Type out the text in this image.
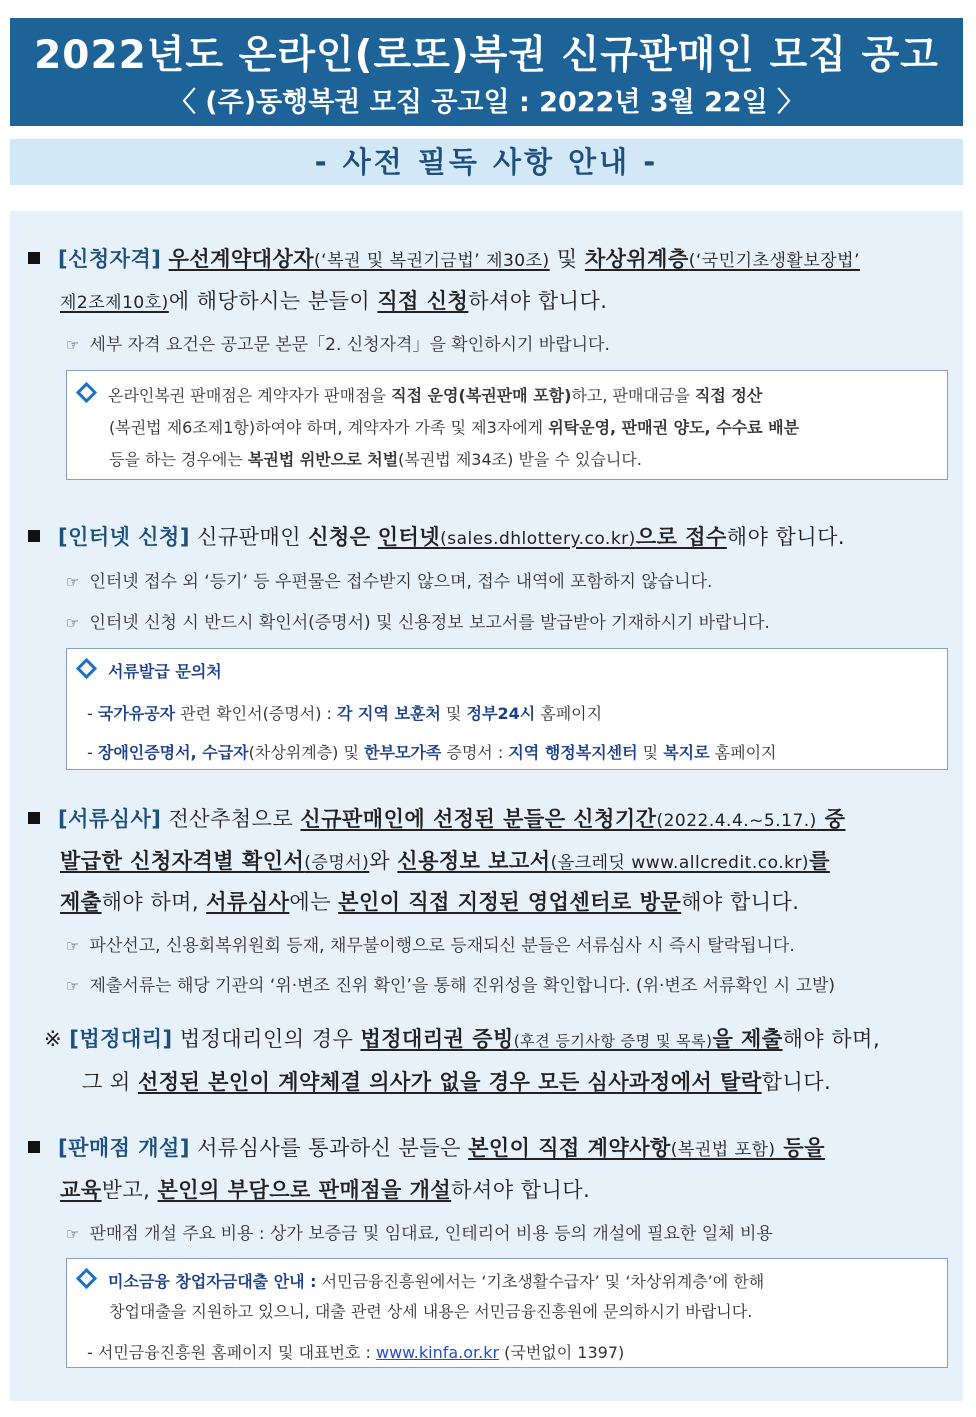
2022년도 온라인(로또)복권 신규판매인 모집 공고
〈 (주)동행복권 모집 공고일 : 2022년 3월 22일 〉
- 사전 필독 사항 안내 -
[신청자격] 우선계약대상자(‘복권 및 복권기금법’ 제30조) 및 차상위계층(‘국민기초생활보장법’
제2조제10호)에 해당하시는 분들이 직접 신청하셔야 합니다.
☞ 세부 자격 요건은 공고문 본문「2. 신청자격」을 확인하시기 바랍니다.
온라인복권 판매점은 계약자가 판매점을 직접 운영(복권판매 포함)하고, 판매대금을 직접 정산
(복권법 제6조제1항)하여야 하며, 계약자가 가족 및 제3자에게 위탁운영, 판매권 양도, 수수료 배분
등을 하는 경우에는 복권법 위반으로 처벌(복권법 제34조) 받을 수 있습니다.
[인터넷 신청] 신규판매인 신청은 인터넷(sales.dhlottery.co.kr)으로 접수해야 합니다.
☞ 인터넷 접수 외 ‘등기’ 등 우편물은 접수받지 않으며, 접수 내역에 포함하지 않습니다.
☞ 인터넷 신청 시 반드시 확인서(증명서) 및 신용정보 보고서를 발급받아 기재하시기 바랍니다.
서류발급 문의처
- 국가유공자 관련 확인서(증명서) : 각 지역 보훈처 및 정부24시 홈페이지
- 장애인증명서, 수급자(차상위계층) 및 한부모가족 증명서 : 지역 행정복지센터 및 복지로 홈페이지
[서류심사] 전산추첨으로 신규판매인에 선정된 분들은 신청기간(2022.4.4.~5.17.) 중
발급한 신청자격별 확인서(증명서)와 신용정보 보고서(올크레딧 www.allcredit.co.kr)를
제출해야 하며, 서류심사에는 본인이 직접 지정된 영업센터로 방문해야 합니다.
☞ 파산선고, 신용회복위원회 등재, 채무불이행으로 등재되신 분들은 서류심사 시 즉시 탈락됩니다.
☞ 제출서류는 해당 기관의 ‘위·변조 진위 확인’을 통해 진위성을 확인합니다. (위·변조 서류확인 시 고발)
※ [법정대리] 법정대리인의 경우 법정대리권 증빙(후견 등기사항 증명 및 목록)을 제출해야 하며,
그 외 선정된 본인이 계약체결 의사가 없을 경우 모든 심사과정에서 탈락합니다.
[판매점 개설] 서류심사를 통과하신 분들은 본인이 직접 계약사항(복권법 포함) 등을
교육받고, 본인의 부담으로 판매점을 개설하셔야 합니다.
☞ 판매점 개설 주요 비용 : 상가 보증금 및 임대료, 인테리어 비용 등의 개설에 필요한 일체 비용
미소금융 창업자금대출 안내 : 서민금융진흥원에서는 ‘기초생활수급자’ 및 ‘차상위계층’에 한해
창업대출을 지원하고 있으니, 대출 관련 상세 내용은 서민금융진흥원에 문의하시기 바랍니다.
- 서민금융진흥원 홈페이지 및 대표번호 : www.kinfa.or.kr (국번없이 1397)
